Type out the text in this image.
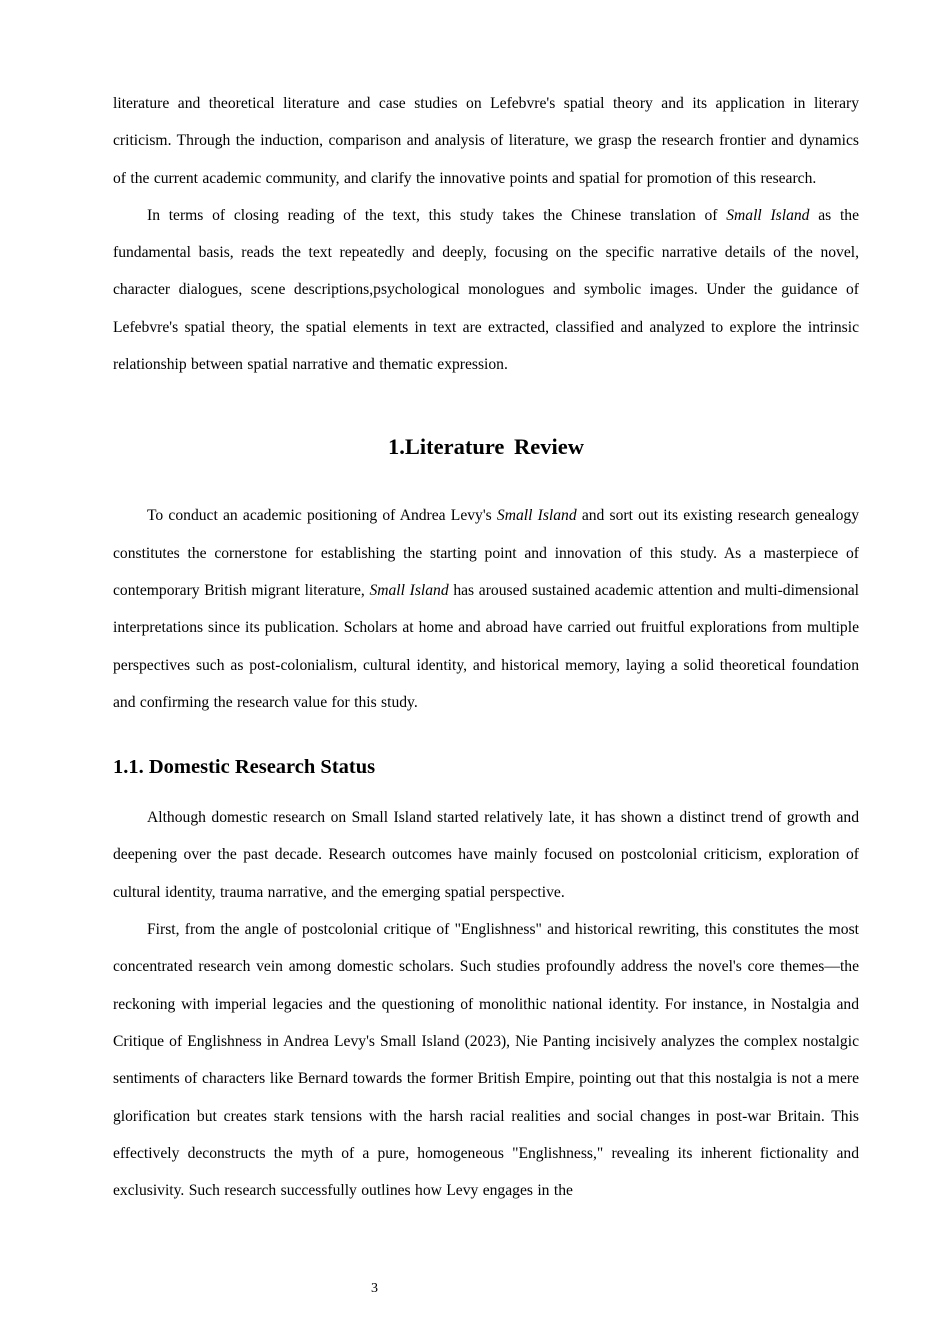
literature and theoretical literature and case studies on Lefebvre's spatial theory and its application in literary criticism. Through the induction, comparison and analysis of literature, we grasp the research frontier and dynamics of the current academic community, and clarify the innovative points and spatial for promotion of this research.

In terms of closing reading of the text, this study takes the Chinese translation of Small Island as the fundamental basis, reads the text repeatedly and deeply, focusing on the specific narrative details of the novel, character dialogues, scene descriptions,psychological monologues and symbolic images. Under the guidance of Lefebvre's spatial theory, the spatial elements in text are extracted, classified and analyzed to explore the intrinsic relationship between spatial narrative and thematic expression.

1.Literature Review

To conduct an academic positioning of Andrea Levy's Small Island and sort out its existing research genealogy constitutes the cornerstone for establishing the starting point and innovation of this study. As a masterpiece of contemporary British migrant literature, Small Island has aroused sustained academic attention and multi-dimensional interpretations since its publication. Scholars at home and abroad have carried out fruitful explorations from multiple perspectives such as post-colonialism, cultural identity, and historical memory, laying a solid theoretical foundation and confirming the research value for this study.

1.1. Domestic Research Status

Although domestic research on Small Island started relatively late, it has shown a distinct trend of growth and deepening over the past decade. Research outcomes have mainly focused on postcolonial criticism, exploration of cultural identity, trauma narrative, and the emerging spatial perspective.

First, from the angle of postcolonial critique of "Englishness" and historical rewriting, this constitutes the most concentrated research vein among domestic scholars. Such studies profoundly address the novel's core themes—the reckoning with imperial legacies and the questioning of monolithic national identity. For instance, in Nostalgia and Critique of Englishness in Andrea Levy's Small Island (2023), Nie Panting incisively analyzes the complex nostalgic sentiments of characters like Bernard towards the former British Empire, pointing out that this nostalgia is not a mere glorification but creates stark tensions with the harsh racial realities and social changes in post-war Britain. This effectively deconstructs the myth of a pure, homogeneous "Englishness," revealing its inherent fictionality and exclusivity. Such research successfully outlines how Levy engages in the

3
